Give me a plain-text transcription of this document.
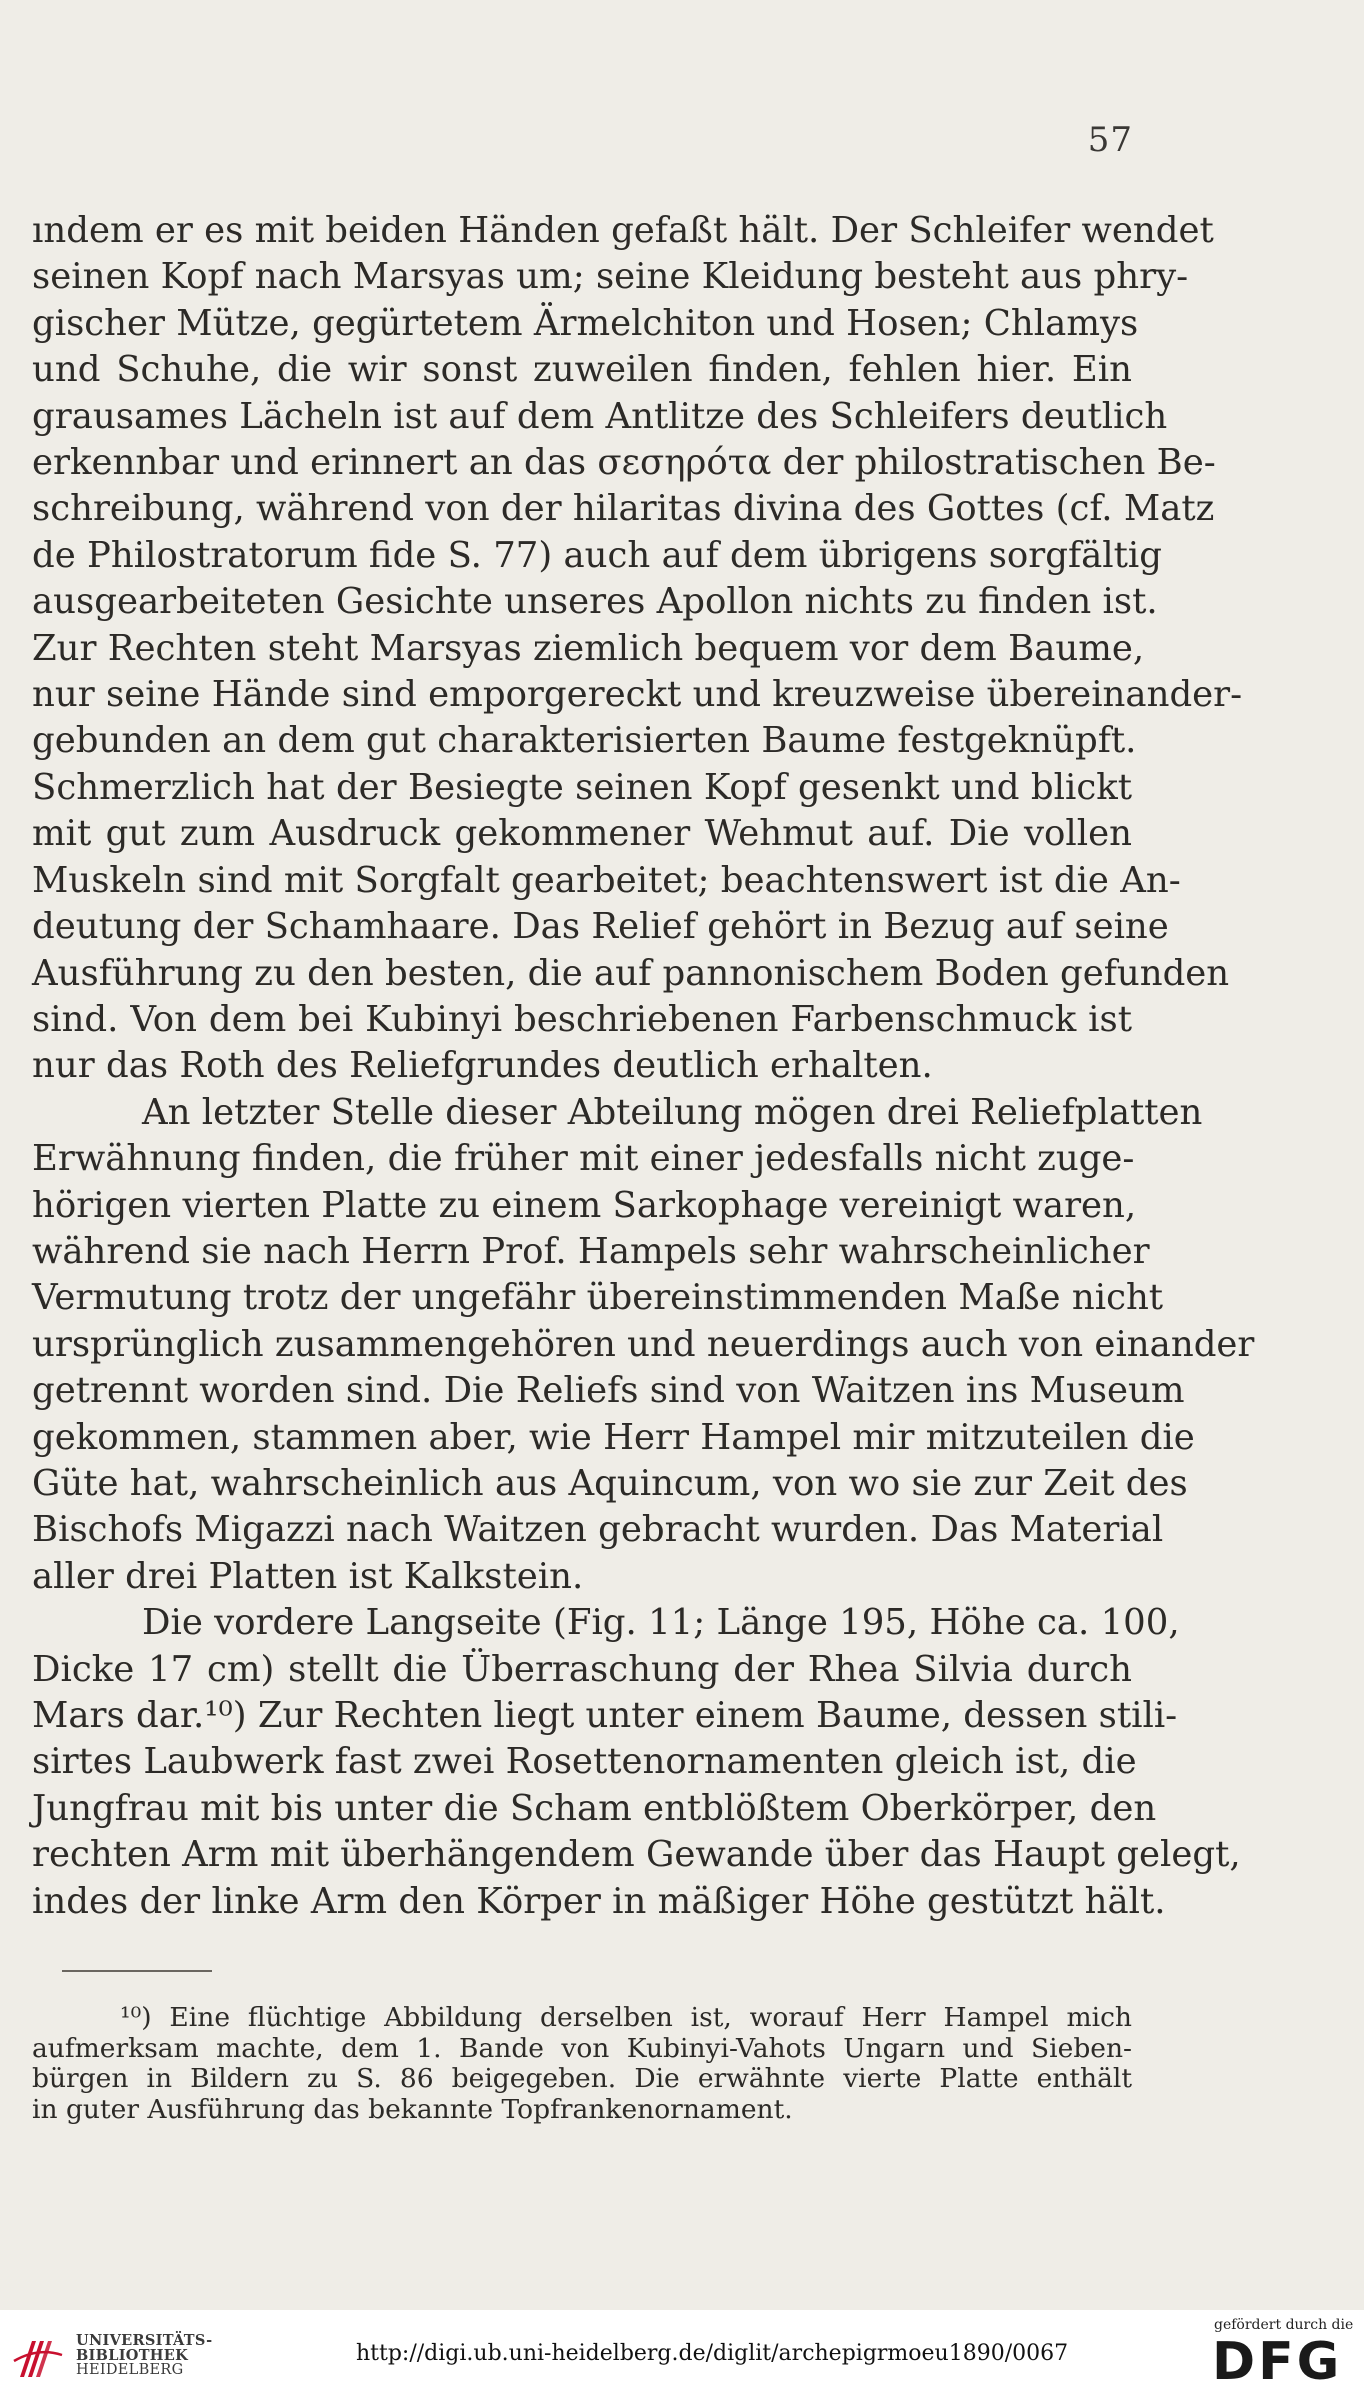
57

ındem er es mit beiden Händen gefaßt hält. Der Schleifer wendet
seinen Kopf nach Marsyas um; seine Kleidung besteht aus phry-
gischer Mütze, gegürtetem Ärmelchiton und Hosen; Chlamys
und Schuhe, die wir sonst zuweilen finden, fehlen hier. Ein
grausames Lächeln ist auf dem Antlitze des Schleifers deutlich
erkennbar und erinnert an das σεσηρότα der philostratischen Be-
schreibung, während von der hilaritas divina des Gottes (cf. Matz
de Philostratorum fide S. 77) auch auf dem übrigens sorgfältig
ausgearbeiteten Gesichte unseres Apollon nichts zu finden ist.
Zur Rechten steht Marsyas ziemlich bequem vor dem Baume,
nur seine Hände sind emporgereckt und kreuzweise übereinander-
gebunden an dem gut charakterisierten Baume festgeknüpft.
Schmerzlich hat der Besiegte seinen Kopf gesenkt und blickt
mit gut zum Ausdruck gekommener Wehmut auf. Die vollen
Muskeln sind mit Sorgfalt gearbeitet; beachtenswert ist die An-
deutung der Schamhaare. Das Relief gehört in Bezug auf seine
Ausführung zu den besten, die auf pannonischem Boden gefunden
sind. Von dem bei Kubinyi beschriebenen Farbenschmuck ist
nur das Roth des Reliefgrundes deutlich erhalten.

An letzter Stelle dieser Abteilung mögen drei Reliefplatten
Erwähnung finden, die früher mit einer jedesfalls nicht zuge-
hörigen vierten Platte zu einem Sarkophage vereinigt waren,
während sie nach Herrn Prof. Hampels sehr wahrscheinlicher
Vermutung trotz der ungefähr übereinstimmenden Maße nicht
ursprünglich zusammengehören und neuerdings auch von einander
getrennt worden sind. Die Reliefs sind von Waitzen ins Museum
gekommen, stammen aber, wie Herr Hampel mir mitzuteilen die
Güte hat, wahrscheinlich aus Aquincum, von wo sie zur Zeit des
Bischofs Migazzi nach Waitzen gebracht wurden. Das Material
aller drei Platten ist Kalkstein.

Die vordere Langseite (Fig. 11; Länge 195, Höhe ca. 100,
Dicke 17 cm) stellt die Überraschung der Rhea Silvia durch
Mars dar.¹⁰) Zur Rechten liegt unter einem Baume, dessen stili-
sirtes Laubwerk fast zwei Rosettenornamenten gleich ist, die
Jungfrau mit bis unter die Scham entblößtem Oberkörper, den
rechten Arm mit überhängendem Gewande über das Haupt gelegt,
indes der linke Arm den Körper in mäßiger Höhe gestützt hält.

¹⁰) Eine flüchtige Abbildung derselben ist, worauf Herr Hampel mich
aufmerksam machte, dem 1. Bande von Kubinyi-Vahots Ungarn und Sieben-
bürgen in Bildern zu S. 86 beigegeben. Die erwähnte vierte Platte enthält
in guter Ausführung das bekannte Topfrankenornament.
UNIVERSITÄTS-
BIBLIOTHEK
HEIDELBERG
http://digi.ub.uni-heidelberg.de/diglit/archepigrmoeu1890/0067
gefördert durch die
DFG
